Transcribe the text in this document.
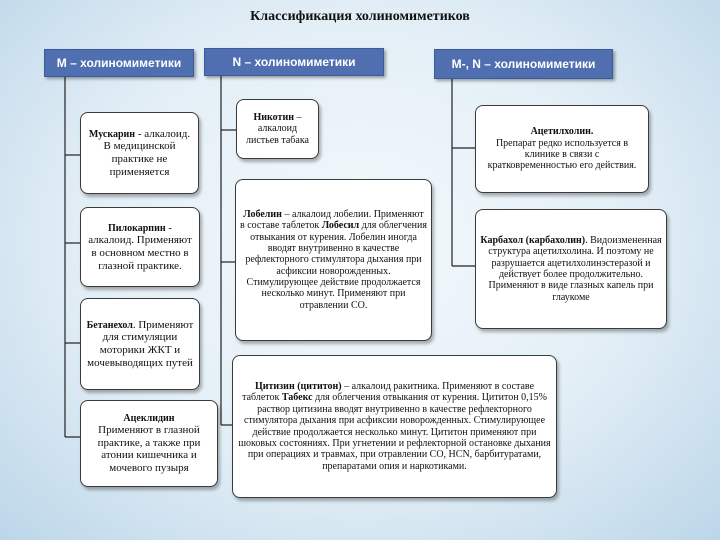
Классификация холиномиметиков
М – холиномиметики	N – холиномиметики	М-, N – холиномиметики
Мускарин - алкалоид. В медицинской практике не применяется
Пилокарпин - алкалоид. Применяют в основном местно в глазной практике.
Бетанехол. Применяют для стимуляции моторики ЖКТ и мочевыводящих путей
Ацеклидин
Применяют в глазной практике, а также при атонии кишечника и мочевого пузыря
Никотин – алкалоид листьев табака
Лобелин – алкалоид лобелии. Применяют в составе таблеток Лобесил для облегчения отвыкания от курения. Лобелин иногда вводят внутривенно в качестве рефлекторного стимулятора дыхания при асфиксии новорожденных. Стимулирующее действие продолжается несколько минут. Применяют при отравлении СО.
Цитизин (цититон) – алкалоид ракитника. Применяют в составе таблеток Табекс для облегчения отвыкания от курения. Цититон 0,15% раствор цитизина вводят внутривенно в качестве рефлекторного стимулятора дыхания при асфиксии новорожденных. Стимулирующее действие продолжается несколько минут. Цититон применяют при шоковых состояниях. При угнетении и рефлекторной остановке дыхания при операциях и травмах, при отравлении СО, HCN, барбитуратами, препаратами опия и наркотиками.
Ацетилхолин.
Препарат редко используется в клинике в связи с кратковременностью его действия.
Карбахол (карбахолин). Видоизмененная структура ацетилхолина. И поэтому не разрушается ацетилхолинэстеразой и действует более продолжительно. Применяют в виде глазных капель при глаукоме
